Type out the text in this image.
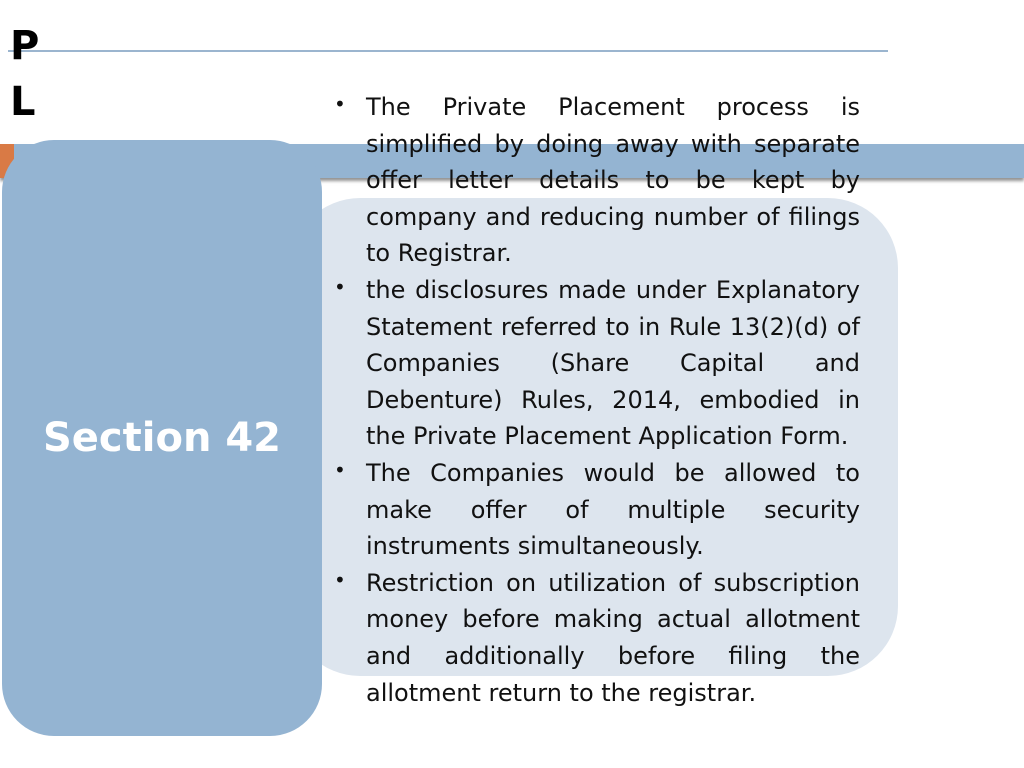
PL
Section 42
• The Private Placement process is simplified by doing away with separate offer letter details to be kept by company and reducing number of filings to Registrar.
• the disclosures made under Explanatory Statement referred to in Rule 13(2)(d) of Companies (Share Capital and Debenture) Rules, 2014, embodied in the Private Placement Application Form.
• The Companies would be allowed to make offer of multiple security instruments simultaneously.
• Restriction on utilization of subscription money before making actual allotment and additionally before filing the allotment return to the registrar.
